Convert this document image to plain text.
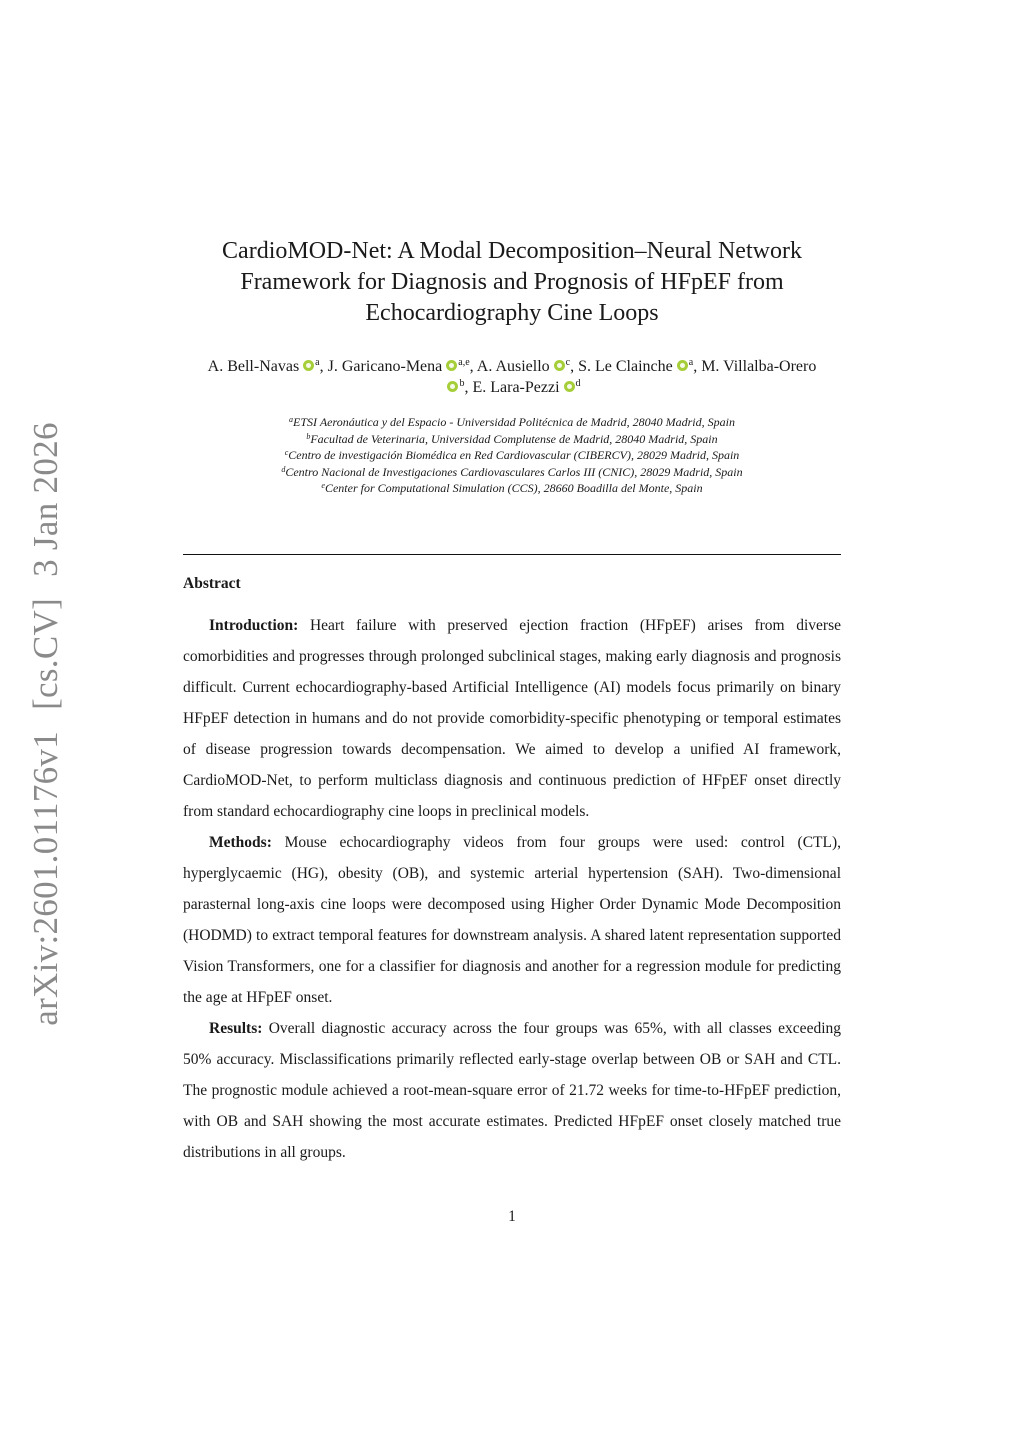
arXiv:2601.01176v1 [cs.CV] 3 Jan 2026
CardioMOD-Net: A Modal Decomposition–Neural Network
Framework for Diagnosis and Prognosis of HFpEF from
Echocardiography Cine Loops
A. Bell-Navas $^a$, J. Garicano-Mena $^{a,e}$, A. Ausiello $^c$, S. Le Clainche $^a$, M. Villalba-Orero
$^b$, E. Lara-Pezzi $^d$
$^a$ETSI Aeronáutica y del Espacio - Universidad Politécnica de Madrid, 28040 Madrid, Spain
$^b$Facultad de Veterinaria, Universidad Complutense de Madrid, 28040 Madrid, Spain
$^c$Centro de investigación Biomédica en Red Cardiovascular (CIBERCV), 28029 Madrid, Spain
$^d$Centro Nacional de Investigaciones Cardiovasculares Carlos III (CNIC), 28029 Madrid, Spain
$^e$Center for Computational Simulation (CCS), 28660 Boadilla del Monte, Spain
Abstract

Introduction: Heart failure with preserved ejection fraction (HFpEF) arises from diverse comorbidities and progresses through prolonged subclinical stages, making early diagnosis and prognosis difficult. Current echocardiography-based Artificial Intelligence (AI) models focus primarily on binary HFpEF detection in humans and do not provide comorbidity-specific phenotyping or temporal estimates of disease progression towards decompensation. We aimed to develop a unified AI framework, CardioMOD-Net, to perform multiclass diagnosis and continuous prediction of HFpEF onset directly from standard echocardiography cine loops in preclinical models.

Methods: Mouse echocardiography videos from four groups were used: control (CTL), hyperglycaemic (HG), obesity (OB), and systemic arterial hypertension (SAH). Two-dimensional parasternal long-axis cine loops were decomposed using Higher Order Dynamic Mode Decomposition (HODMD) to extract temporal features for downstream analysis. A shared latent representation supported Vision Transformers, one for a classifier for diagnosis and another for a regression module for predicting the age at HFpEF onset.

Results: Overall diagnostic accuracy across the four groups was 65%, with all classes exceeding 50% accuracy. Misclassifications primarily reflected early-stage overlap between OB or SAH and CTL. The prognostic module achieved a root-mean-square error of 21.72 weeks for time-to-HFpEF prediction, with OB and SAH showing the most accurate estimates. Predicted HFpEF onset closely matched true distributions in all groups.

1
